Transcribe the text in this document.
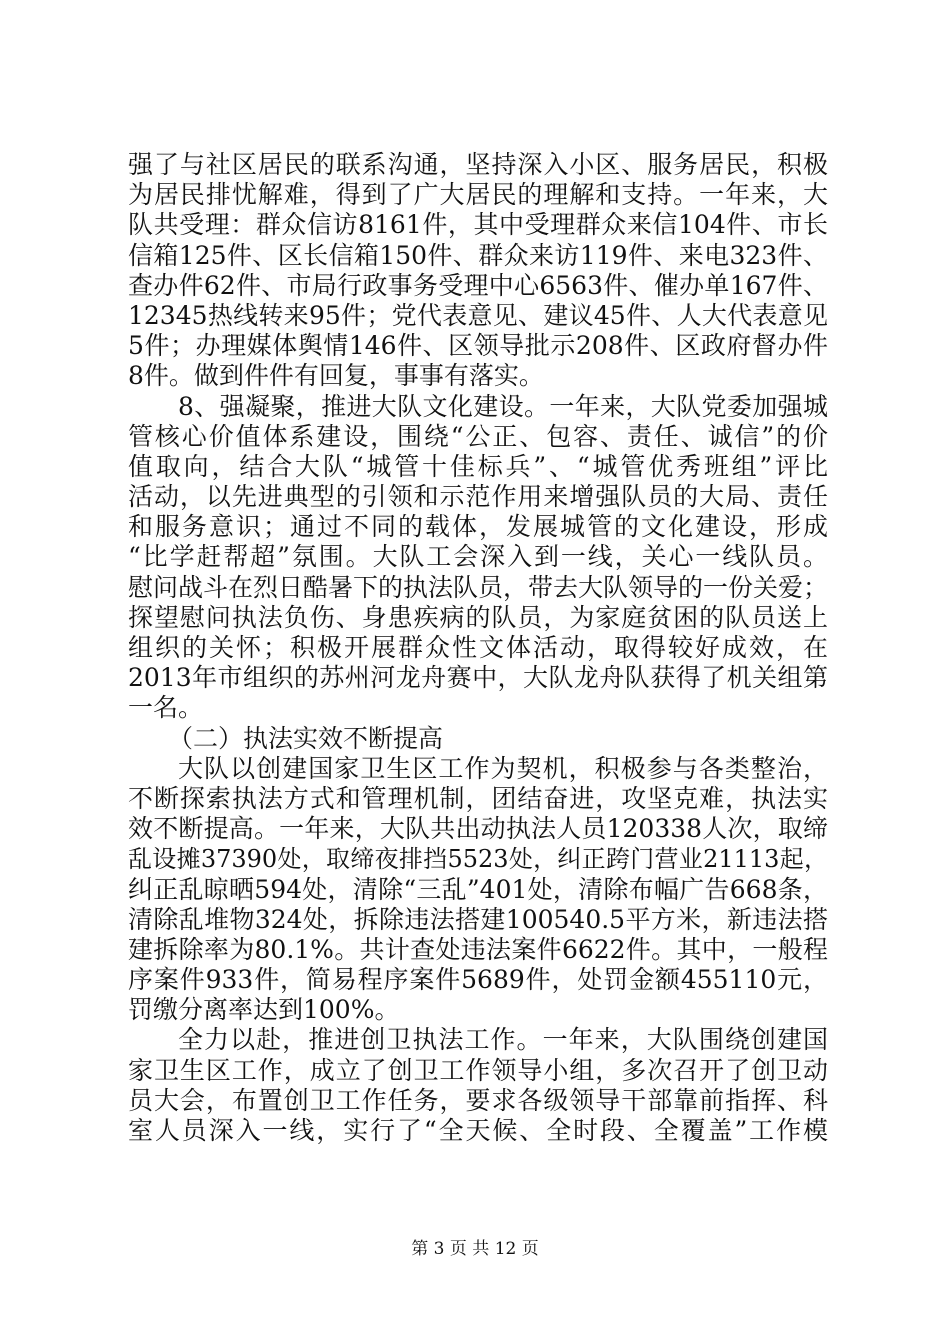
强了与社区居民的联系沟通，坚持深入小区、服务居民，积极
为居民排忧解难，得到了广大居民的理解和支持。一年来，大
队共受理：群众信访8161件，其中受理群众来信104件、市长
信箱125件、区长信箱150件、群众来访119件、来电323件、
查办件62件、市局行政事务受理中心6563件、催办单167件、
12345热线转来95件；党代表意见、建议45件、人大代表意见
5件；办理媒体舆情146件、区领导批示208件、区政府督办件
8件。做到件件有回复，事事有落实。
8、强凝聚，推进大队文化建设。一年来，大队党委加强城
管核心价值体系建设，围绕“公正、包容、责任、诚信”的价
值取向，结合大队“城管十佳标兵”、“城管优秀班组”评比
活动，以先进典型的引领和示范作用来增强队员的大局、责任
和服务意识；通过不同的载体，发展城管的文化建设，形成
“比学赶帮超”氛围。大队工会深入到一线，关心一线队员。
慰问战斗在烈日酷暑下的执法队员，带去大队领导的一份关爱；
探望慰问执法负伤、身患疾病的队员，为家庭贫困的队员送上
组织的关怀；积极开展群众性文体活动，取得较好成效，在
2013年市组织的苏州河龙舟赛中，大队龙舟队获得了机关组第
一名。
（二）执法实效不断提高
大队以创建国家卫生区工作为契机，积极参与各类整治，
不断探索执法方式和管理机制，团结奋进，攻坚克难，执法实
效不断提高。一年来，大队共出动执法人员120338人次，取缔
乱设摊37390处，取缔夜排挡5523处，纠正跨门营业21113起，
纠正乱晾晒594处，清除“三乱”401处，清除布幅广告668条，
清除乱堆物324处，拆除违法搭建100540.5平方米，新违法搭
建拆除率为80.1%。共计查处违法案件6622件。其中，一般程
序案件933件，简易程序案件5689件，处罚金额455110元，
罚缴分离率达到100%。
全力以赴，推进创卫执法工作。一年来，大队围绕创建国
家卫生区工作，成立了创卫工作领导小组，多次召开了创卫动
员大会，布置创卫工作任务，要求各级领导干部靠前指挥、科
室人员深入一线，实行了“全天候、全时段、全覆盖”工作模
第 3 页 共 12 页
